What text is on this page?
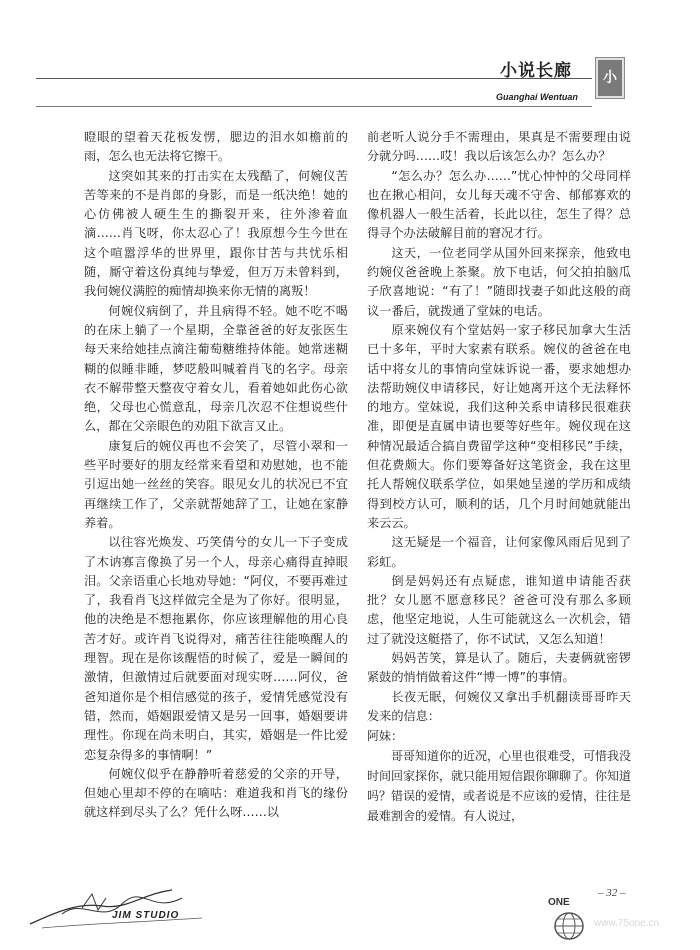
小说长廊
Guanghai Wentuan
小

瞪眼的望着天花板发愣，腮边的泪水如檐前的雨，怎么也无法将它擦干。

这突如其来的打击实在太残酷了，何婉仪苦苦等来的不是肖郎的身影，而是一纸决绝！她的心仿佛被人硬生生的撕裂开来，往外渗着血滴……肖飞呀，你太忍心了！我原想今生今世在这个喧嚣浮华的世界里，跟你甘苦与共忧乐相随，厮守着这份真纯与挚爱，但万万未曾料到，我何婉仪满腔的痴情却换来你无情的离叛！

何婉仪病倒了，并且病得不轻。她不吃不喝的在床上躺了一个星期，全靠爸爸的好友张医生每天来给她挂点滴注葡萄糖维持体能。她常迷糊糊的似睡非睡，梦呓般叫喊着肖飞的名字。母亲衣不解带整天整夜守着女儿，看着她如此伤心欲绝，父母也心慌意乱，母亲几次忍不住想说些什么，都在父亲眼色的劝阻下欲言又止。

康复后的婉仪再也不会笑了，尽管小翠和一些平时要好的朋友经常来看望和劝慰她，也不能引逗出她一丝丝的笑容。眼见女儿的状况已不宜再继续工作了，父亲就帮她辞了工，让她在家静养着。

以往容光焕发、巧笑倩兮的女儿一下子变成了木讷寡言像换了另一个人，母亲心痛得直掉眼泪。父亲语重心长地劝导她：“阿仪，不要再难过了，我看肖飞这样做完全是为了你好。很明显，他的决绝是不想拖累你，你应该理解他的用心良苦才好。或许肖飞说得对，痛苦往往能唤醒人的理智。现在是你该醒悟的时候了，爱是一瞬间的激情，但激情过后就要面对现实呀……阿仪，爸爸知道你是个相信感觉的孩子，爱情凭感觉没有错，然而，婚姻跟爱情又是另一回事，婚姻要讲理性。你现在尚未明白，其实，婚姻是一件比爱恋复杂得多的事情啊！”

何婉仪似乎在静静听着慈爱的父亲的开导，但她心里却不停的在嘀咕：难道我和肖飞的缘份就这样到尽头了么？凭什么呀……以

前老听人说分手不需理由，果真是不需要理由说分就分吗……哎！我以后该怎么办？怎么办？

“怎么办？怎么办……”忧心忡忡的父母同样也在揪心相问，女儿每天魂不守舍、郁郁寡欢的像机器人一般生活着，长此以往，怎生了得？总得寻个办法破解目前的窘况才行。

这天，一位老同学从国外回来探亲，他致电约婉仪爸爸晚上茶聚。放下电话，何父拍拍脑瓜子欣喜地说：“有了！”随即找妻子如此这般的商议一番后，就拨通了堂妹的电话。

原来婉仪有个堂姑妈一家子移民加拿大生活已十多年，平时大家素有联系。婉仪的爸爸在电话中将女儿的事情向堂妹诉说一番，要求她想办法帮助婉仪申请移民，好让她离开这个无法释怀的地方。堂妹说，我们这种关系申请移民很难获准，即便是直属申请也要等好些年。婉仪现在这种情况最适合搞自费留学这种“变相移民”手续，但花费颇大。你们要筹备好这笔资金，我在这里托人帮婉仪联系学位，如果她呈递的学历和成绩得到校方认可，顺利的话，几个月时间她就能出来云云。

这无疑是一个福音，让何家像风雨后见到了彩虹。

倒是妈妈还有点疑虑，谁知道申请能否获批？女儿愿不愿意移民？爸爸可没有那么多顾虑，他坚定地说，人生可能就这么一次机会，错过了就没这艇搭了，你不试试，又怎么知道！

妈妈苦笑，算是认了。随后，夫妻俩就密锣紧鼓的悄悄做着这件“博一博”的事情。

长夜无眠，何婉仪又拿出手机翻读哥哥昨天发来的信息：

阿妹：

哥哥知道你的近况，心里也很难受，可惜我没时间回家探你，就只能用短信跟你聊聊了。你知道吗？错误的爱情，或者说是不应该的爱情，往往是最难割舍的爱情。有人说过，

– 32 –
JIM STUDIO
ONE
www.75one.cn
